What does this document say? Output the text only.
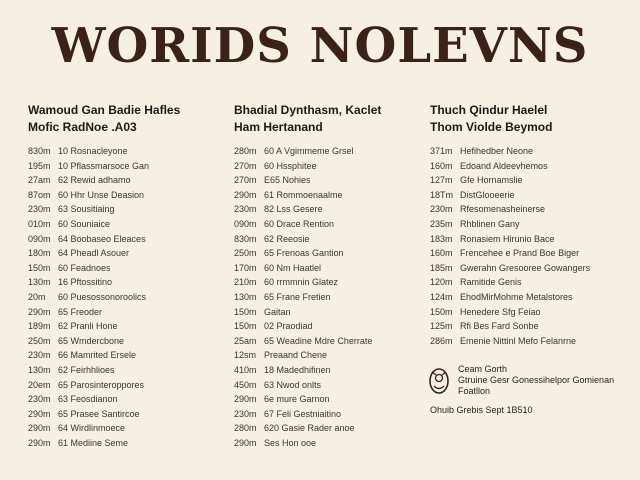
WORIDS NOLEVNS
Wamoud Gan Badie Hafles
Mofic RadNoe .A03
830m 10 Rosnacleyone
195m 10 Pflassmarsoce Gan
27am 62 Rewid adhamo
87om 60 Hhr Unse Deasion
230m 63 Sousitiaing
010m 60 Souniaice
090m 64 Boobaseo Eleaces
180m 64 Pheadl Asouer
150m 60 Feadnoes
130m 16 Pftossitino
20m	60 Puesossonoroolics
290m 65 Freoder
189m 62 Pranli Hone
250m 65 Wmdercbone
230m 66 Mamrited Ersele
130m 62 Feirhhlioes
20em 65 Parosinteroppores
230m 63 Feosdianon
290m 65 Prasee Santircoe
290m 64 Wirdlinmoece
290m 61 Mediine Seme
Bhadial Dynthasm, Kaclet
Ham Hertanand
280m 60 A Vgimmeme Grsel
270m 60 Hssphitee
270m E65 Nohies
290m 61 Rommoenaalme
230m 82 Lss Gesere
090m 60 Drace Rention
830m 62 Reeosie
250m 65 Frenoas Gantion
170m 60 Nm Haatlel
210m 60 rrmmnin Glatez
130m 65 Frane Fretien
150m Gaitan
150m 02 Praodiad
25am 65 Weadine Mdre Cherrate
12sm Preaand Chene
410m 18 Madedhifinen
450m 63 Nwod onlts
290m 6e mure Garnon
230m 67 Feli Gestniaitino
280m 620 Gasie Rader anoe
290m Ses Hon ooe
Thuch Qindur Haelel
Thom Violde Beymod
371m Hefihedber Neone
160m Edoand Aldeevhemos
127m Gfe Hornamslie
18Tm DistGlooeerie
230m Rfesomenasheinerse
235m Rhblinen Gany
183m Ronasiem Hirunio Bace
160m Frencehee e Prand Boe Biger
185m Gwerahn Gresooree Gowangers
120m Ramitide Genis
124m EhodMirMohme Metalstores
150m Henedere Sfg Feiao
125m Rfi Bes Fard Sonbe
286m Emenie Nittinl Mefo Felanrne
Ceam Gorth
Gtruine Gesr Gonessihelpor Gomienan
Foatllon
Ohuib Grebis Sept 1B510
